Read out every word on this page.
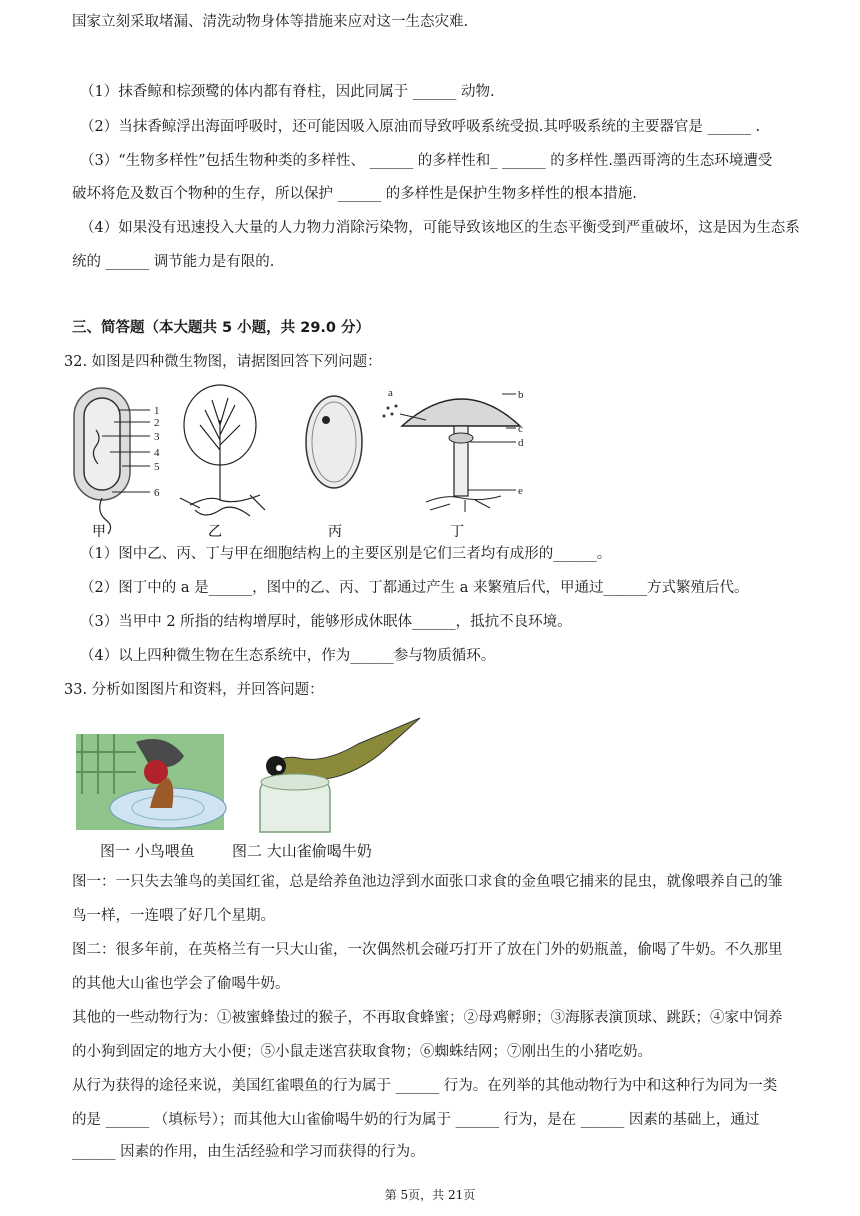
国家立刻采取堵漏、清洗动物身体等措施来应对这一生态灾难.
（1）抹香鲸和棕颈鹭的体内都有脊柱，因此同属于 ______ 动物.
（2）当抹香鲸浮出海面呼吸时，还可能因吸入原油而导致呼吸系统受损.其呼吸系统的主要器官是 ______ .
（3）“生物多样性”包括生物种类的多样性、 ______ 的多样性和_ ______ 的多样性.墨西哥湾的生态环境遭受
破坏将危及数百个物种的生存，所以保护 ______ 的多样性是保护生物多样性的根本措施.
（4）如果没有迅速投入大量的人力物力消除污染物，可能导致该地区的生态平衡受到严重破坏，这是因为生态系
统的 ______ 调节能力是有限的.
三、简答题（本大题共 5 小题，共 29.0 分）
32. 如图是四种微生物图，请据图回答下列问题：
1
2
3
4
5
6
a	b
c
d
e
甲	乙	丙	丁
（1）图中乙、丙、丁与甲在细胞结构上的主要区别是它们三者均有成形的______。
（2）图丁中的 a 是______，图中的乙、丙、丁都通过产生 a 来繁殖后代，甲通过______方式繁殖后代。
（3）当甲中 2 所指的结构增厚时，能够形成休眠体______，抵抗不良环境。
（4）以上四种微生物在生态系统中，作为______参与物质循环。
33. 分析如图图片和资料，并回答问题：
图一 小鸟喂鱼 图二 大山雀偷喝牛奶
图一：一只失去雏鸟的美国红雀，总是给养鱼池边浮到水面张口求食的金鱼喂它捕来的昆虫，就像喂养自己的雏
鸟一样，一连喂了好几个星期。
图二：很多年前，在英格兰有一只大山雀，一次偶然机会碰巧打开了放在门外的奶瓶盖，偷喝了牛奶。不久那里
的其他大山雀也学会了偷喝牛奶。
其他的一些动物行为：①被蜜蜂蛰过的猴子，不再取食蜂蜜；②母鸡孵卵；③海豚表演顶球、跳跃；④家中饲养
的小狗到固定的地方大小便；⑤小鼠走迷宫获取食物；⑥蜘蛛结网；⑦刚出生的小猪吃奶。
从行为获得的途径来说，美国红雀喂鱼的行为属于 ______ 行为。在列举的其他动物行为中和这种行为同为一类
的是 ______ （填标号）；而其他大山雀偷喝牛奶的行为属于 ______ 行为，是在 ______ 因素的基础上，通过
______ 因素的作用，由生活经验和学习而获得的行为。
第 5页，共 21页
